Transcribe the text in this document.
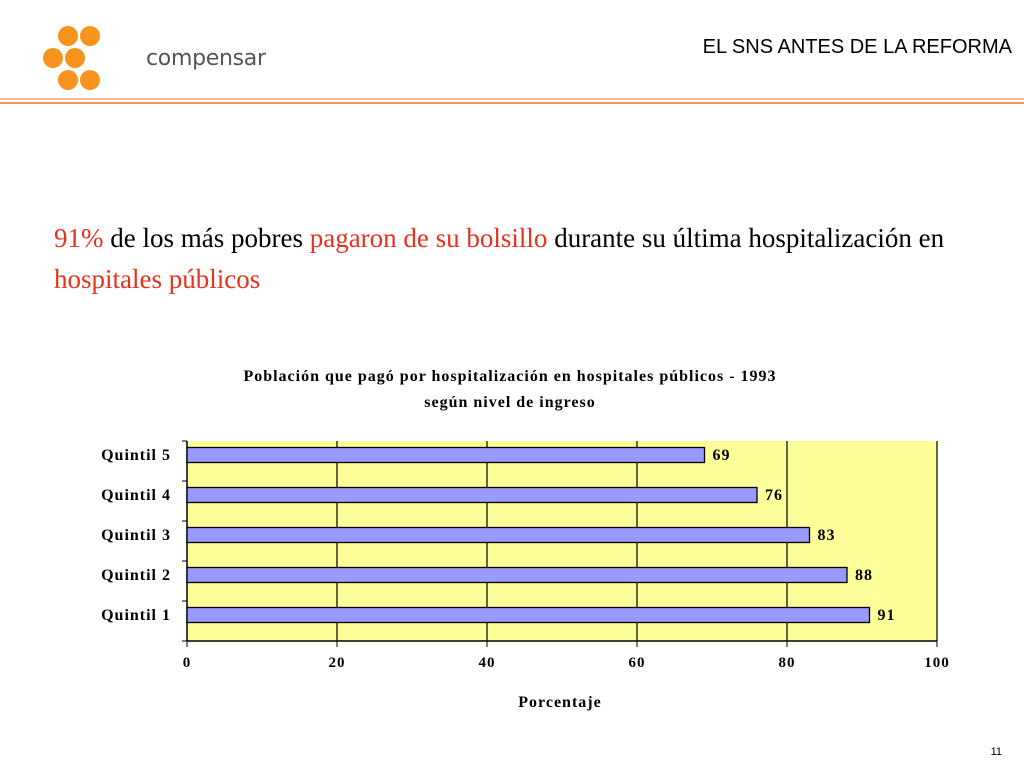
compensar	EL SNS ANTES DE LA REFORMA
91% de los más pobres pagaron de su bolsillo durante su última hospitalización en hospitales públicos
Población que pagó por hospitalización en hospitales públicos - 1993
según nivel de ingreso
0	20	40	60	80	100
Quintil 5	69
Quintil 4	76
Quintil 3	83
Quintil 2	88
Quintil 1	91
Porcentaje
11
